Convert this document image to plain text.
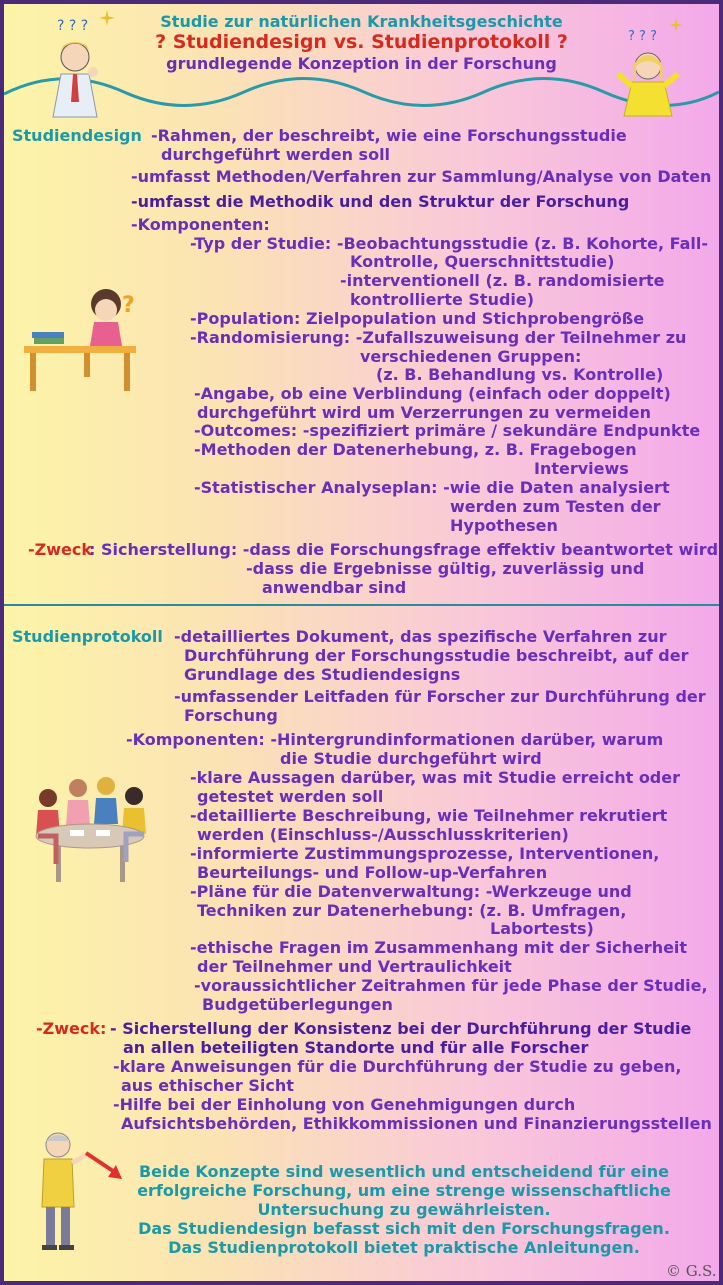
Studie zur natürlichen Krankheitsgeschichte

? Studiendesign vs. Studienprotokoll ?

grundlegende Konzeption in der Forschung

? ? ?
? ? ?

Studiendesign -Rahmen, der beschreibt, wie eine Forschungsstudie

durchgeführt werden soll

-umfasst Methoden/Verfahren zur Sammlung/Analyse von Daten

-umfasst die Methodik und den Struktur der Forschung

-Komponenten:

-Typ der Studie: -Beobachtungsstudie (z. B. Kohorte, Fall-

Kontrolle, Querschnittstudie)

-interventionell (z. B. randomisierte

kontrollierte Studie)

-Population: Zielpopulation und Stichprobengröße

-Randomisierung: -Zufallszuweisung der Teilnehmer zu

verschiedenen Gruppen:

(z. B. Behandlung vs. Kontrolle)

-Angabe, ob eine Verblindung (einfach oder doppelt)

durchgeführt wird um Verzerrungen zu vermeiden

-Outcomes: -spezifiziert primäre / sekundäre Endpunkte

-Methoden der Datenerhebung, z. B. Fragebogen

Interviews

-Statistischer Analyseplan: -wie die Daten analysiert

werden zum Testen der

Hypothesen

-Zweck

: Sicherstellung: -dass die Forschungsfrage effektiv beantwortet wird

-dass die Ergebnisse gültig, zuverlässig und

anwendbar sind

?

Studienprotokoll -detailliertes Dokument, das spezifische Verfahren zur

Durchführung der Forschungsstudie beschreibt, auf der

Grundlage des Studiendesigns

-umfassender Leitfaden für Forscher zur Durchführung der

Forschung

-Komponenten: -Hintergrundinformationen darüber, warum

die Studie durchgeführt wird

-klare Aussagen darüber, was mit Studie erreicht oder

getestet werden soll

-detaillierte Beschreibung, wie Teilnehmer rekrutiert

werden (Einschluss-/Ausschlusskriterien)

-informierte Zustimmungsprozesse, Interventionen,

Beurteilungs- und Follow-up-Verfahren

-Pläne für die Datenverwaltung: -Werkzeuge und

Techniken zur Datenerhebung: (z. B. Umfragen,

Labortests)

-ethische Fragen im Zusammenhang mit der Sicherheit

der Teilnehmer und Vertraulichkeit

-voraussichtlicher Zeitrahmen für jede Phase der Studie,

Budgetüberlegungen

-Zweck: - Sicherstellung der Konsistenz bei der Durchführung der Studie

an allen beteiligten Standorte und für alle Forscher

-klare Anweisungen für die Durchführung der Studie zu geben,

aus ethischer Sicht

-Hilfe bei der Einholung von Genehmigungen durch

Aufsichtsbehörden, Ethikkommissionen und Finanzierungsstellen

Beide Konzepte sind wesentlich und entscheidend für eine

erfolgreiche Forschung, um eine strenge wissenschaftliche

Untersuchung zu gewährleisten.

Das Studiendesign befasst sich mit den Forschungsfragen.

Das Studienprotokoll bietet praktische Anleitungen.

© G.S.
